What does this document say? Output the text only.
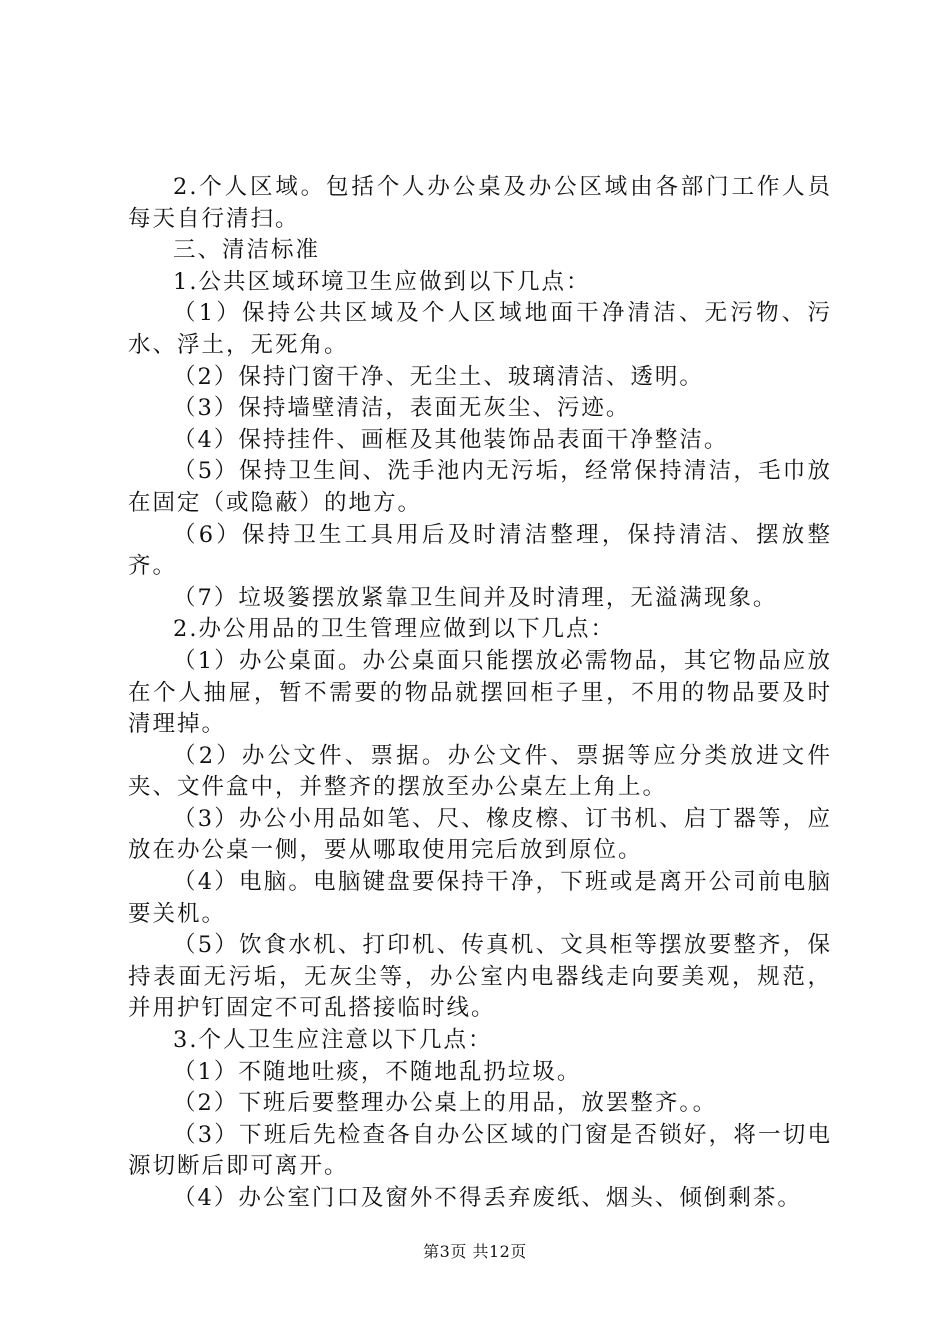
2.个人区域。包括个人办公桌及办公区域由各部门工作人员每天自行清扫。

三、清洁标准

1.公共区域环境卫生应做到以下几点：

（1）保持公共区域及个人区域地面干净清洁、无污物、污水、浮土，无死角。

（2）保持门窗干净、无尘土、玻璃清洁、透明。

（3）保持墙壁清洁，表面无灰尘、污迹。

（4）保持挂件、画框及其他装饰品表面干净整洁。

（5）保持卫生间、洗手池内无污垢，经常保持清洁，毛巾放在固定（或隐蔽）的地方。

（6）保持卫生工具用后及时清洁整理，保持清洁、摆放整齐。

（7）垃圾篓摆放紧靠卫生间并及时清理，无溢满现象。

2.办公用品的卫生管理应做到以下几点：

（1）办公桌面。办公桌面只能摆放必需物品，其它物品应放在个人抽屉，暂不需要的物品就摆回柜子里，不用的物品要及时清理掉。

（2）办公文件、票据。办公文件、票据等应分类放进文件夹、文件盒中，并整齐的摆放至办公桌左上角上。

（3）办公小用品如笔、尺、橡皮檫、订书机、启丁器等，应放在办公桌一侧，要从哪取使用完后放到原位。

（4）电脑。电脑键盘要保持干净，下班或是离开公司前电脑要关机。

（5）饮食水机、打印机、传真机、文具柜等摆放要整齐，保持表面无污垢，无灰尘等，办公室内电器线走向要美观，规范，并用护钉固定不可乱搭接临时线。

3.个人卫生应注意以下几点：

（1）不随地吐痰，不随地乱扔垃圾。

（2）下班后要整理办公桌上的用品，放罢整齐。。

（3）下班后先检查各自办公区域的门窗是否锁好，将一切电源切断后即可离开。

（4）办公室门口及窗外不得丢弃废纸、烟头、倾倒剩茶。

第3页 共12页
